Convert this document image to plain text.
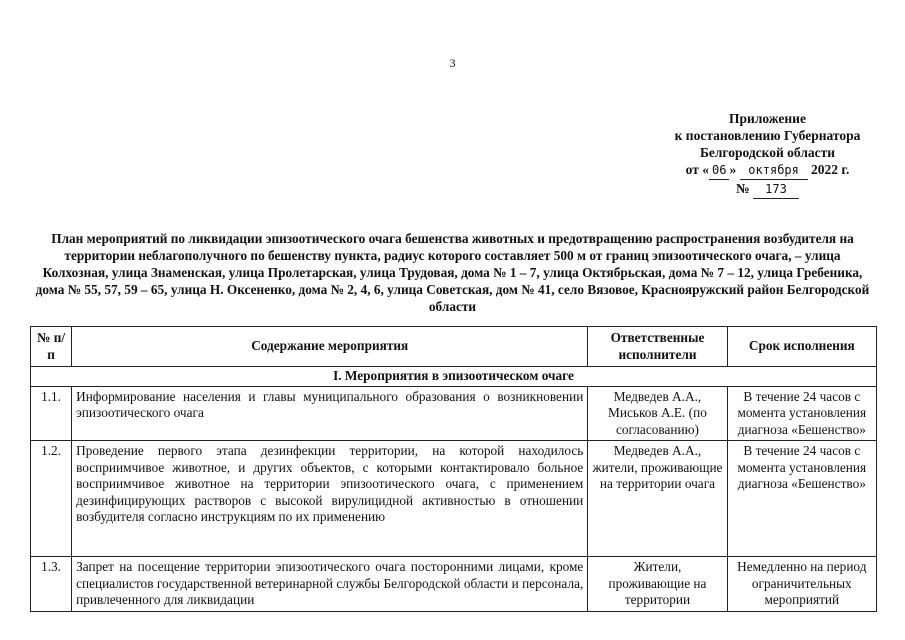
3
Приложение
к постановлению Губернатора
Белгородской области
от « 06 » октября 2022 г.
№ 173
План мероприятий по ликвидации эпизоотического очага бешенства животных и предотвращению распространения возбудителя на территории неблагополучного по бешенству пункта, радиус которого составляет 500 м от границ эпизоотического очага, – улица Колхозная, улица Знаменская, улица Пролетарская, улица Трудовая, дома № 1 – 7, улица Октябрьская, дома № 7 – 12, улица Гребеника, дома № 55, 57, 59 – 65, улица Н. Оксененко, дома № 2, 4, 6, улица Советская, дом № 41, село Вязовое, Краснояружский район Белгородской области
№ п/п	Содержание мероприятия	Ответственные исполнители	Срок исполнения
I. Мероприятия в эпизоотическом очаге			
1.1.	Информирование населения и главы муниципального образования о возникновении эпизоотического очага	Медведев А.А., Миськов А.Е. (по согласованию)	В течение 24 часов с момента установления диагноза «Бешенство»
1.2.	Проведение первого этапа дезинфекции территории, на которой находилось восприимчивое животное, и других объектов, с которыми контактировало больное восприимчивое животное на территории эпизоотического очага, с применением дезинфицирующих растворов с высокой вирулицидной активностью в отношении возбудителя согласно инструкциям по их применению	Медведев А.А., жители, проживающие на территории очага	В течение 24 часов с момента установления диагноза «Бешенство»
1.3.	Запрет на посещение территории эпизоотического очага посторонними лицами, кроме специалистов государственной ветеринарной службы Белгородской области и персонала, привлеченного для ликвидации	Жители, проживающие на территории	Немедленно на период ограничительных мероприятий
